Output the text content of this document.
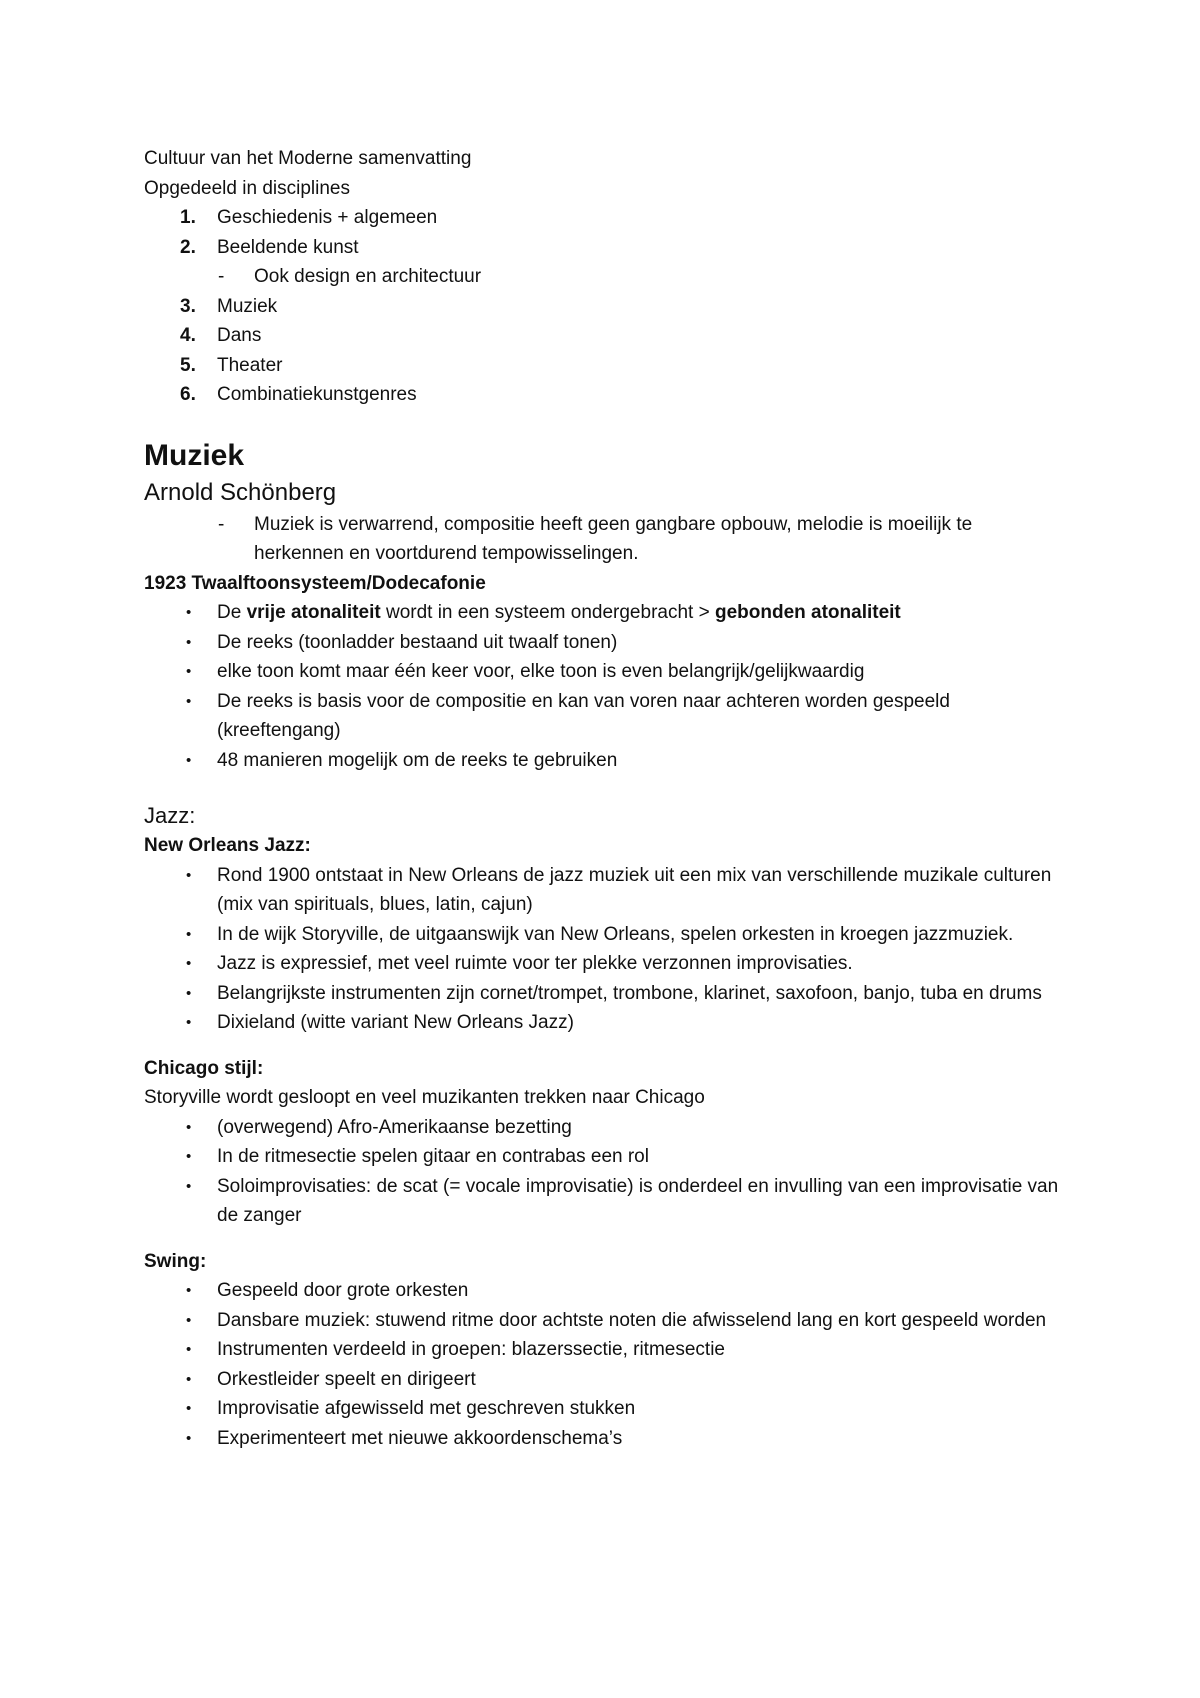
Cultuur van het Moderne samenvatting
Opgedeeld in disciplines
1.	Geschiedenis + algemeen
2.	Beeldende kunst
- Ook design en architectuur
3.	Muziek
4.	Dans
5.	Theater
6.	Combinatiekunstgenres
Muziek
Arnold Schönberg
- Muziek is verwarrend, compositie heeft geen gangbare opbouw, melodie is moeilijk te herkennen en voortdurend tempowisselingen.
1923 Twaalftoonsysteem/Dodecafonie
• De vrije atonaliteit wordt in een systeem ondergebracht > gebonden atonaliteit
• De reeks (toonladder bestaand uit twaalf tonen)
• elke toon komt maar één keer voor, elke toon is even belangrijk/gelijkwaardig
• De reeks is basis voor de compositie en kan van voren naar achteren worden gespeeld (kreeftengang)
• 48 manieren mogelijk om de reeks te gebruiken
Jazz:
New Orleans Jazz:
• Rond 1900 ontstaat in New Orleans de jazz muziek uit een mix van verschillende muzikale culturen (mix van spirituals, blues, latin, cajun)
• In de wijk Storyville, de uitgaanswijk van New Orleans, spelen orkesten in kroegen jazzmuziek.
• Jazz is expressief, met veel ruimte voor ter plekke verzonnen improvisaties.
• Belangrijkste instrumenten zijn cornet/trompet, trombone, klarinet, saxofoon, banjo, tuba en drums
• Dixieland (witte variant New Orleans Jazz)
Chicago stijl:
Storyville wordt gesloopt en veel muzikanten trekken naar Chicago
• (overwegend) Afro-Amerikaanse bezetting
• In de ritmesectie spelen gitaar en contrabas een rol
• Soloimprovisaties: de scat (= vocale improvisatie) is onderdeel en invulling van een improvisatie van de zanger
Swing:
• Gespeeld door grote orkesten
• Dansbare muziek: stuwend ritme door achtste noten die afwisselend lang en kort gespeeld worden
• Instrumenten verdeeld in groepen: blazerssectie, ritmesectie
• Orkestleider speelt en dirigeert
• Improvisatie afgewisseld met geschreven stukken
• Experimenteert met nieuwe akkoordenschema’s
